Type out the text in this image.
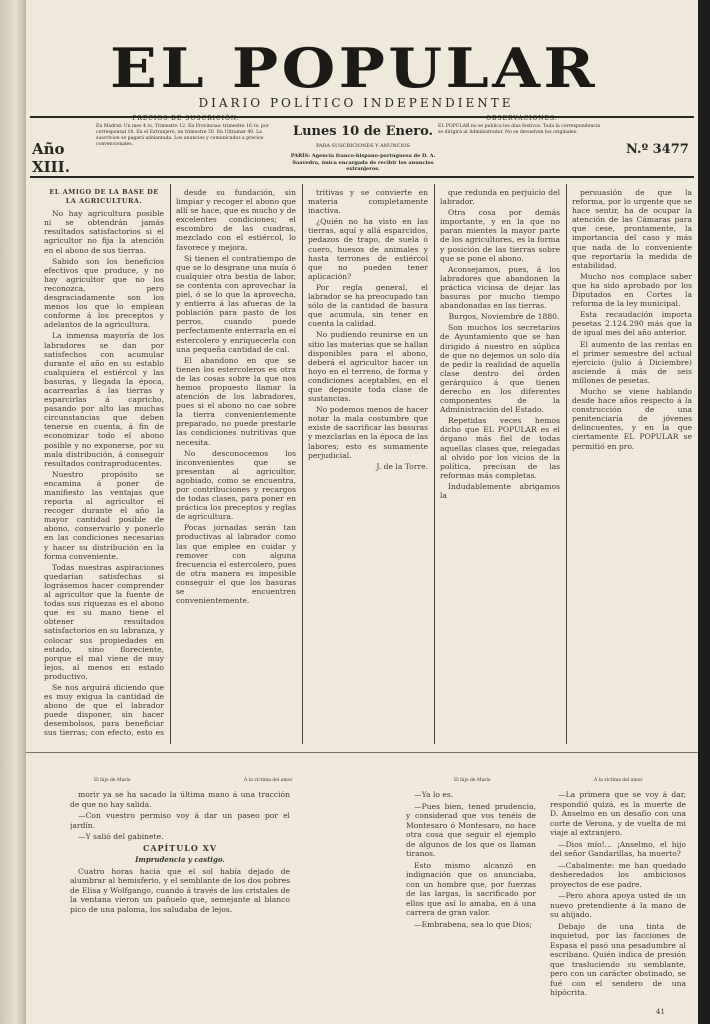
EL POPULAR
DIARIO POLÍTICO INDEPENDIENTE
Año XIII.
PRECIOS DE SUSCRICIÓN.
En Madrid: Un mes 4 rs. Trimestre 12. En Provincias: trimestre 16 rs. por corresponsal 18. En el Extranjero, un trimestre 30. En Ultramar 40. La suscricion se pagará adelantada. Los anuncios y comunicados a precios convencionales.
Lunes 10 de Enero.
PARA SUSCRICIONES Y ANUNCIOS
PARÍS: Agencia franco-hispano-portuguesa de D. A. Saavedra, única encargada de recibir los anuncios extranjeros.
OBSERVACIONES.
EL POPULAR no se publica los días festivos. Toda la correspondencia se dirigirá al Administrador. No se devuelven los originales.
N.º 3477
EL AMIGO DE LA BASE DE LA AGRICULTURA.

No hay agricultura posible ni se obtendrán jamás resultados satisfactorios si el agricultor no fija la atención en el abono de sus tierras.

Sabido son los beneficios efectivos que produce, y no hay agricultor que no los reconozca, pero desgraciadamente son los menos los que lo emplean conforme á los preceptos y adelantos de la agricultura.

La inmensa mayoría de los labradores se dan por satisfechos con acumular durante el año en su establo cualquiera el estiércol y las basuras, y llegada la época, acarrearlas á las tierras y esparcirlas á capricho, pasando por alto las muchas circunstancias que deben tenerse en cuenta, á fin de economizar todo el abono posible y no exponerse, por su mala distribución, á conseguir resultados contraproducentes.

Nuestro propósito se encamina á poner de manifiesto las ventajas que reporta al agricultor el recoger durante el año la mayor cantidad posible de abono, conservarlo y ponerlo en las condiciones necesarias y hacer su distribución en la forma conveniente.

Todas nuestras aspiraciones quedarían satisfechas si lográsemos hacer comprender al agricultor que la fuente de todas sus riquezas es el abono que es su mano tiene el obtener resultados satisfactorios en su labranza, y colocar sus propiedades en estado, sino floreciente, porque el mal viene de muy lejos, al menos en estado productivo.

Se nos arguirá diciendo que es muy exigua la cantidad de abono de que el labrador puede disponer, sin hacer desembolsos, para beneficiar sus tierras; con efecto, esto es

desde su fundación, sin limpiar y recoger el abono que allí se hace, que es mucho y de excelentes condiciones; el escombro de las cuadras, mezclado con el estiércol, lo favorece y mejora.

Si tienen el contratiempo de que se lo desgrane una muía ó cualquier otra bestia de labor, se contenta con aprovechar la piel, ó se lo que la aprovecha, y entierra á las afueras de la población para pasto de los perros, cuando puede perfectamente enterrarla en el estercolero y enriquecerla con una pequeña cantidad de cal.

El abandono en que se tienen los estercoleros es otra de las cosas sobre la que nos hemos propuesto llamar la atención de los labradores, pues si el abono no cae sobre la tierra convenientemente preparado, no puede prestarle las condiciones nutritivas que necesita.

No desconocemos los inconvenientes que se presentan al agricultor, agobiado, como se encuentra, por contribuciones y recargos de todas clases, para poner en práctica los preceptos y reglas de agricultura.

Pocas jornadas serán tan productivas al labrador como las que emplee en cuidar y remover con alguna frecuencia el estercolero, pues de otra manera es imposible conseguir el que los basuras se encuentren convenientemente.

tritivas y se convierte en materia completamente inactiva.

¿Quién no ha visto en las tierras, aquí y allá esparcidos, pedazos de trapo, de suela ó cuero, huesos de animales y hasta terrones de estiércol que no pueden tener aplicación?

Por regla general, el labrador se ha preocupado tan sólo de la cantidad de basura que acumula, sin tener en cuenta la calidad.

No pudiendo reunirse en un sitio las materias que se hallan disponibles para el abono, deberá el agricultor hacer un hoyo en el terreno, de forma y condiciones aceptables, en el que deposite toda clase de sustancias.

No podemos menos de hacer notar la mala costumbre que existe de sacrificar las basuras y mezclarlas en la época de las labores; esto es sumamente perjudicial.

J. de la Torre.

que redunda en perjuicio del labrador.

Otra cosa por demás importante, y en la que no paran mientes la mayor parte de los agricultores, es la forma y posición de las tierras sobre que se pone el abono.

Aconsejamos, pues, á los labradores que abandonen la práctica viciosa de dejar las basuras por mucho tiempo abandonadas en las tierras.

Burgos, Noviembre de 1880.

Son muchos los secretarios de Ayuntamiento que se han dirigido á nuestro en súplica de que no dejemos un solo día de pedir la realidad de aquella clase dentro del órden gerárquico á que tienen derecho en los diferentes componentes de la Administración del Estado.

Repetidas veces hemos dicho que EL POPULAR es el órgano más fiel de todas aquellas clases que, relegadas al olvido por los vicios de la política, precisan de las reformas más completas.

Indudablemente abrigamos la

persuasión de que la reforma, por lo urgente que se hace sentir, ha de ocupar la atención de las Cámaras para que cese, prontamente, la importancia del caso y más que nada de lo conveniente que reportaría la medida de estabilidad.

Mucho nos complace saber que ha sido aprobado por los Diputados en Cortes la reforma de la ley municipal.

Esta recaudación importa pesetas 2.124.290 más que la de igual mes del año anterior.

El aumento de las rentas en el primer semestre del actual ejercicio (julio á Diciembre) asciende á más de seis millones de pesetas.

Mucho se viene hablando desde hace años respecto á la construcción de una penitenciaría de jóvenes delincuentes, y en la que ciertamente EL POPULAR se permitió en pro.

El hijo de María	Á la víctima del amor	El hijo de María	Á la víctima del amor

morir ya se ha sacado la última mano á una tracción de que no hay salida.

—Con vuestro permiso voy á dar un paseo por el jardín.

—Y salió del gabinete.

CAPÍTULO XV

Imprudencia y castigo.

Cuatro horas hacia que el sol había dejado de alumbrar al hemisferio, y el semblante de los dos pobres de Elisa y Wolfgango, cuando á través de los cristales de la ventana vieron un pañuelo que, semejante al blanco pico de una paloma, los saludaba de lejos.

—Ya lo es.

—Pues bien, tened prudencia, y considerad que vos tenéis de Montesaro ó Montesaro, no hace otra cosa que seguir el ejemplo de algunos de los que os llaman tiranos.

Esto mismo alcanzó en indignación que os anunciaba, con un hombre que, por fuerzas de las largas, la sacrificado por ellos que así lo amaba, en á una carrera de gran valor.

—Embrabena, sea lo que Dios;

—La primera que se voy á dar, respondió quizá, es la muerte de D. Anselmo en un desafío con una corte de Verona, y de vuelta de mi viaje al extranjero.

—Dios mío!... ¡Anselmo, el hijo del señor Gandarillas, ha muerto?

—Cabalmente: me han quedado desheredados los ambiciosos proyectos de ese padre.

—Pero ahora apoya usted de un nuevo pretendiente á la mano de su ahijado.

Debajo de una tinta de inquietud, por las facciones de Espasa el pasó una pesadumbre al escribano. Quién indica de presión que trasluciendo su semblante, pero con un carácter obstinado, se fué con el sendero de una hipócrita.

41
